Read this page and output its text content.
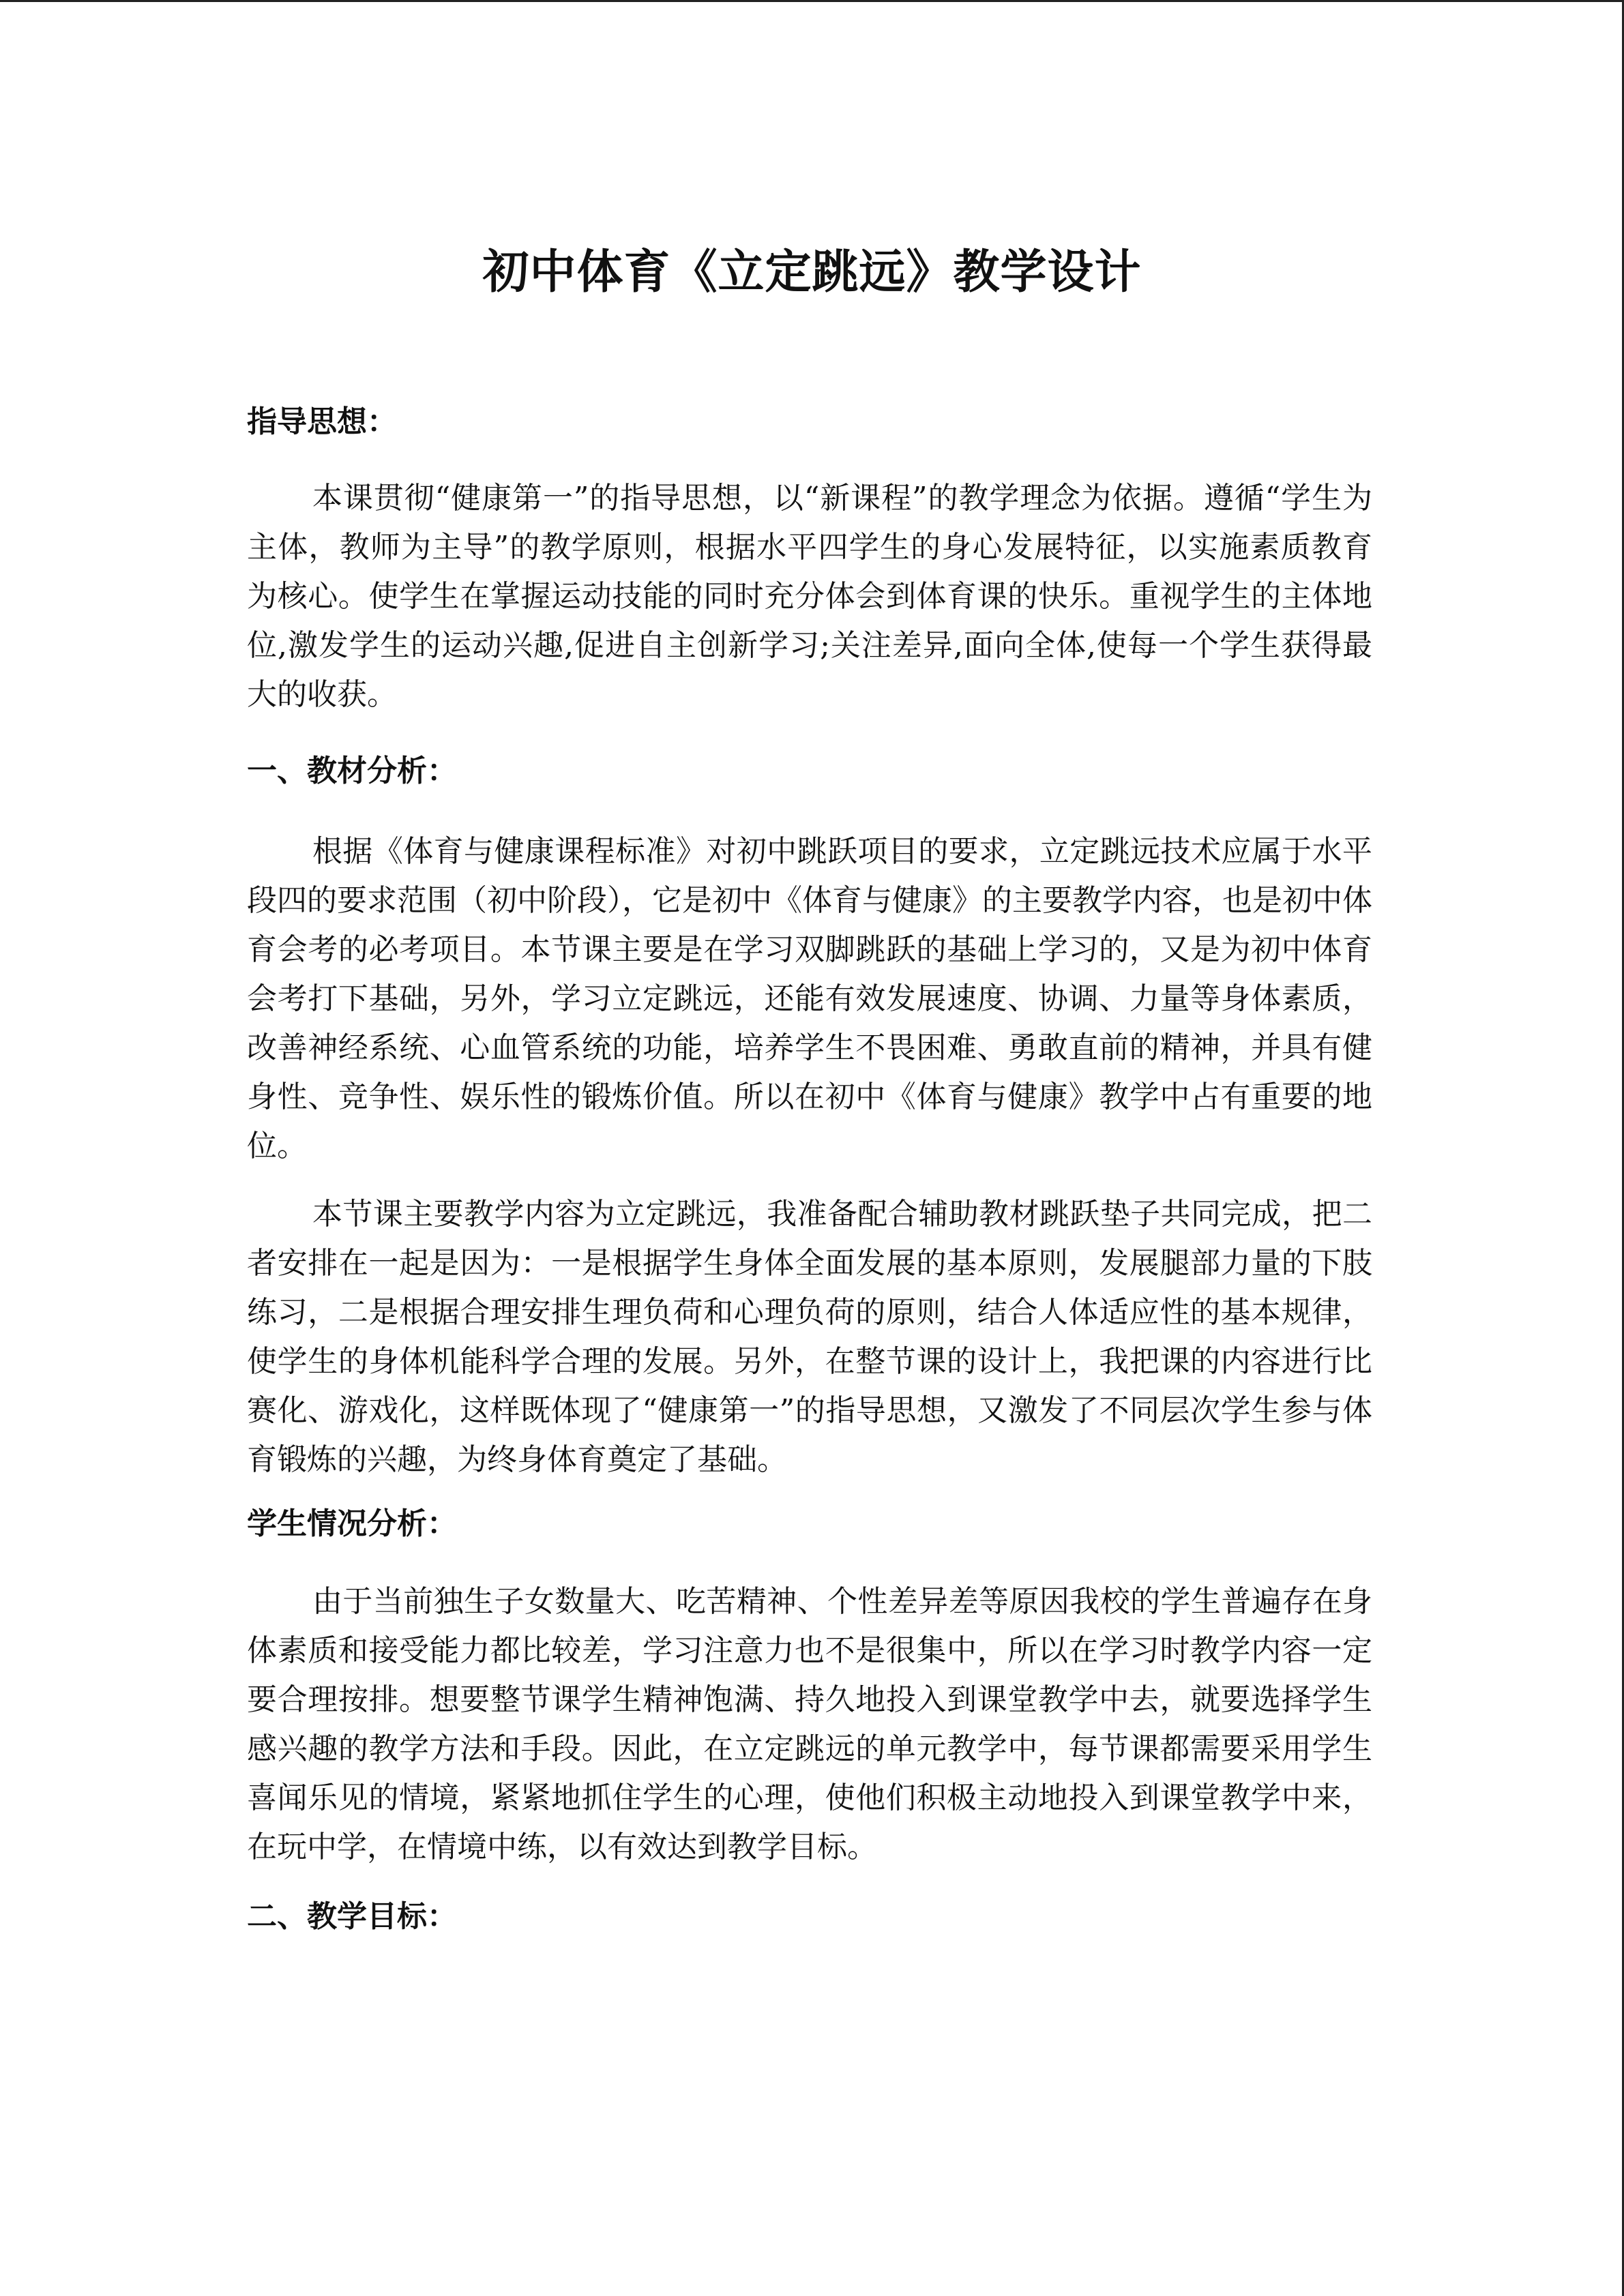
初中体育《立定跳远》教学设计

指导思想：

本课贯彻“健康第一”的指导思想，以“新课程”的教学理念为依据。遵循“学生为主体，教师为主导”的教学原则，根据水平四学生的身心发展特征，以实施素质教育为核心。使学生在掌握运动技能的同时充分体会到体育课的快乐。重视学生的主体地位,激发学生的运动兴趣,促进自主创新学习;关注差异,面向全体,使每一个学生获得最大的收获。

一、教材分析：

根据《体育与健康课程标准》对初中跳跃项目的要求，立定跳远技术应属于水平段四的要求范围（初中阶段），它是初中《体育与健康》的主要教学内容，也是初中体育会考的必考项目。本节课主要是在学习双脚跳跃的基础上学习的，又是为初中体育会考打下基础，另外，学习立定跳远，还能有效发展速度、协调、力量等身体素质，改善神经系统、心血管系统的功能，培养学生不畏困难、勇敢直前的精神，并具有健身性、竞争性、娱乐性的锻炼价值。所以在初中《体育与健康》教学中占有重要的地位。

本节课主要教学内容为立定跳远，我准备配合辅助教材跳跃垫子共同完成，把二者安排在一起是因为：一是根据学生身体全面发展的基本原则，发展腿部力量的下肢练习，二是根据合理安排生理负荷和心理负荷的原则，结合人体适应性的基本规律，使学生的身体机能科学合理的发展。另外，在整节课的设计上，我把课的内容进行比赛化、游戏化，这样既体现了“健康第一”的指导思想，又激发了不同层次学生参与体育锻炼的兴趣，为终身体育奠定了基础。

学生情况分析：

由于当前独生子女数量大、吃苦精神、个性差异差等原因我校的学生普遍存在身体素质和接受能力都比较差，学习注意力也不是很集中，所以在学习时教学内容一定要合理按排。想要整节课学生精神饱满、持久地投入到课堂教学中去，就要选择学生感兴趣的教学方法和手段。因此，在立定跳远的单元教学中，每节课都需要采用学生喜闻乐见的情境，紧紧地抓住学生的心理，使他们积极主动地投入到课堂教学中来，在玩中学，在情境中练，以有效达到教学目标。

二、教学目标：
